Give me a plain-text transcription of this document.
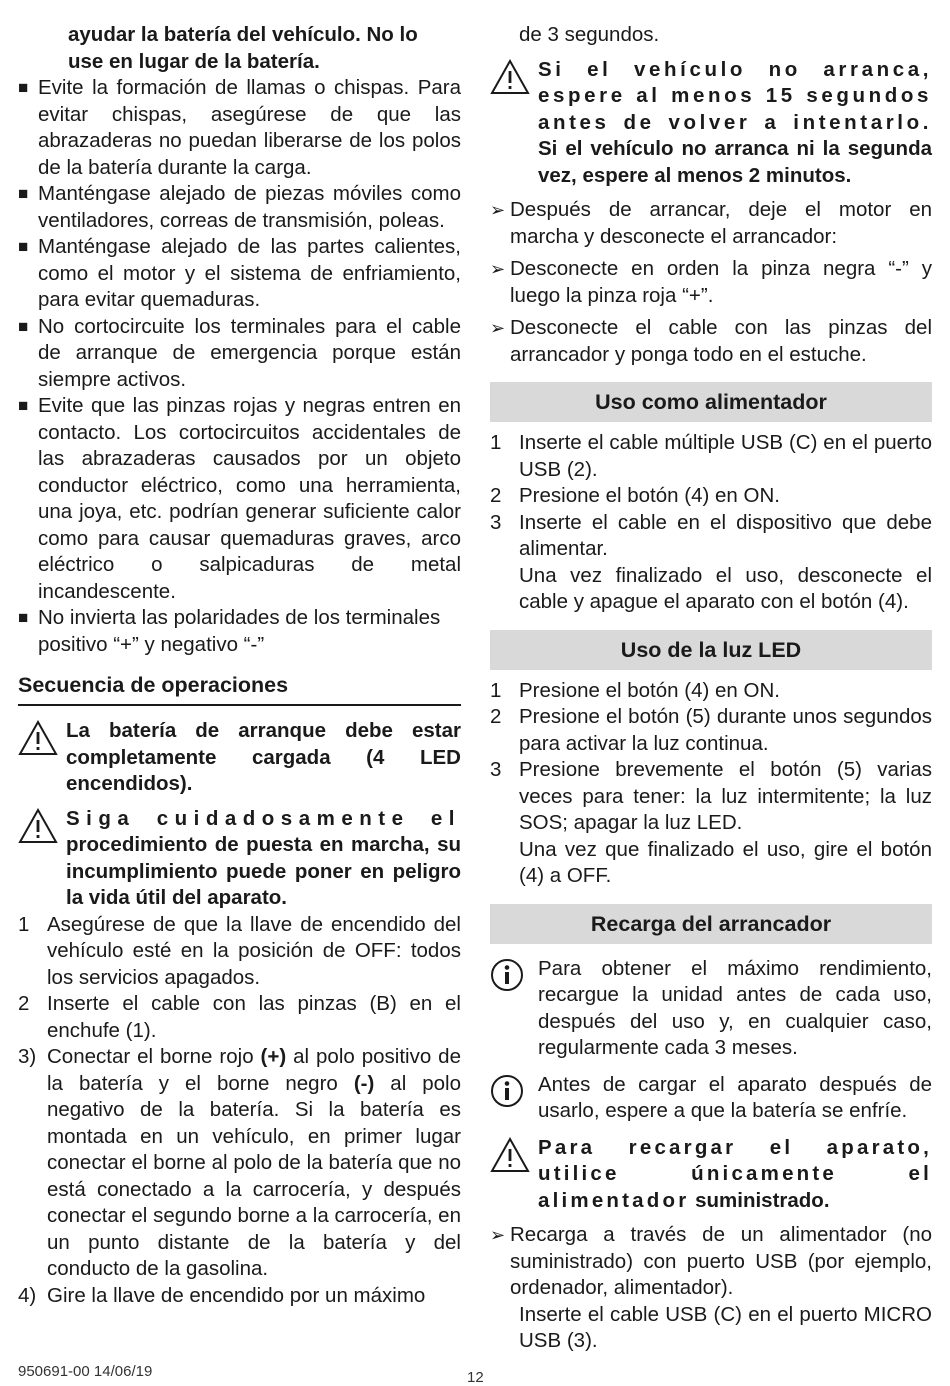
ayudar la batería del vehículo. No lo
use en lugar de la batería.
■ Evite la formación de llamas o chispas. Para evitar chispas, asegúrese de que las abrazaderas no puedan liberarse de los polos de la batería durante la carga.
■ Manténgase alejado de piezas móviles como ventiladores, correas de transmisión, poleas.
■ Manténgase alejado de las partes calientes, como el motor y el sistema de enfriamiento, para evitar quemaduras.
■ No cortocircuite los terminales para el cable de arranque de emergencia porque están siempre activos.
■ Evite que las pinzas rojas y negras entren en contacto. Los cortocircuitos accidentales de las abrazaderas causados por un objeto conductor eléctrico, como una herramienta, una joya, etc. podrían generar suficiente calor como para causar quemaduras graves, arco eléctrico o salpicaduras de metal incandescente.
■ No invierta las polaridades de los terminales positivo “+” y negativo “-”
Secuencia de operaciones
La batería de arranque debe estar completamente cargada (4 LED encendidos).
Siga cuidadosamente el procedimiento de puesta en marcha, su incumplimiento puede poner en peligro la vida útil del aparato.
1 Asegúrese de que la llave de encendido del vehículo esté en la posición de OFF: todos los servicios apagados.
2 Inserte el cable con las pinzas (B) en el enchufe (1).
3) Conectar el borne rojo (+) al polo positivo de la batería y el borne negro (-) al polo negativo de la batería. Si la batería es montada en un vehículo, en primer lugar conectar el borne al polo de la batería que no está conectado a la carrocería, y después conectar el segundo borne a la carrocería, en un punto distante de la batería y del conducto de la gasolina.
4) Gire la llave de encendido por un máximo
de 3 segundos.
Si el vehículo no arranca, espere al menos 15 segundos antes de volver a intentarlo. Si el vehículo no arranca ni la segunda vez, espere al menos 2 minutos.
➢ Después de arrancar, deje el motor en marcha y desconecte el arrancador:
➢ Desconecte en orden la pinza negra “-” y luego la pinza roja “+”.
➢ Desconecte el cable con las pinzas del arrancador y ponga todo en el estuche.
Uso como alimentador
1 Inserte el cable múltiple USB (C) en el puerto USB (2).
2 Presione el botón (4) en ON.
3 Inserte el cable en el dispositivo que debe alimentar.
Una vez finalizado el uso, desconecte el cable y apague el aparato con el botón (4).
Uso de la luz LED
1 Presione el botón (4) en ON.
2 Presione el botón (5) durante unos segundos para activar la luz continua.
3 Presione brevemente el botón (5) varias veces para tener: la luz intermitente; la luz SOS; apagar la luz LED.
Una vez que finalizado el uso, gire el botón (4) a OFF.
Recarga del arrancador
Para obtener el máximo rendimiento, recargue la unidad antes de cada uso, después del uso y, en cualquier caso, regularmente cada 3 meses.
Antes de cargar el aparato después de usarlo, espere a que la batería se enfríe.
Para recargar el aparato, utilice únicamente el alimentador suministrado.
➢ Recarga a través de un alimentador (no suministrado) con puerto USB (por ejemplo, ordenador, alimentador).
Inserte el cable USB (C) en el puerto MICRO USB (3).
950691-00 14/06/19	12
